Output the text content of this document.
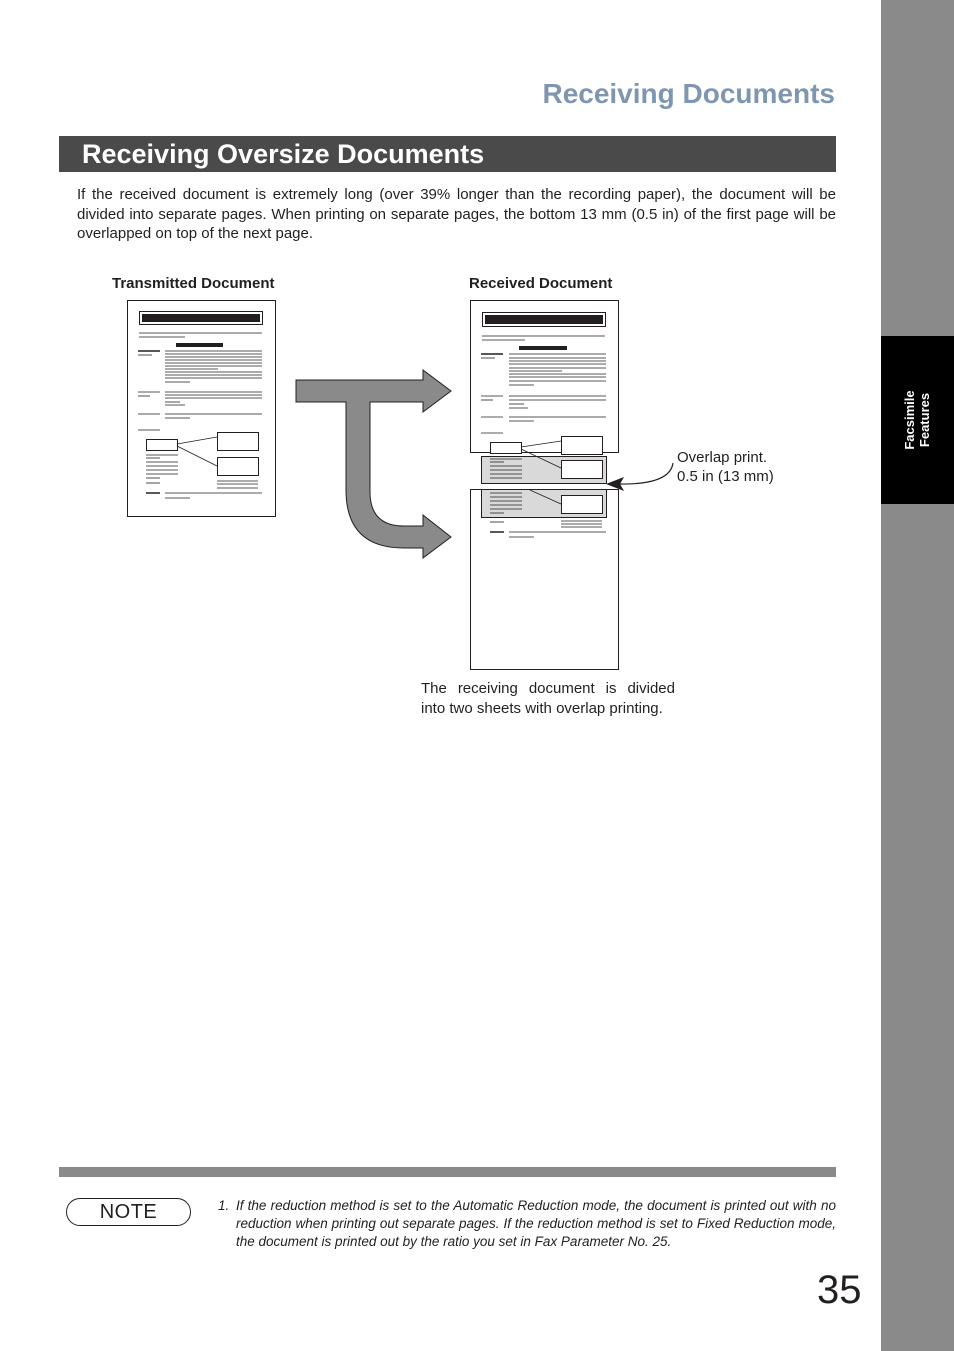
Facsimile Features
Receiving Documents
Receiving Oversize Documents

If the received document is extremely long (over 39% longer than the recording paper), the document will be divided into separate pages. When printing on separate pages, the bottom 13 mm (0.5 in) of the first page will be overlapped on top of the next page.

Transmitted Document	Received Document
Overlap print.
0.5 in (13 mm)

The receiving document is divided into two sheets with overlap printing.

NOTE	1. If the reduction method is set to the Automatic Reduction mode, the document is printed out with no reduction when printing out separate pages. If the reduction method is set to Fixed Reduction mode, the document is printed out by the ratio you set in Fax Parameter No. 25.

35
